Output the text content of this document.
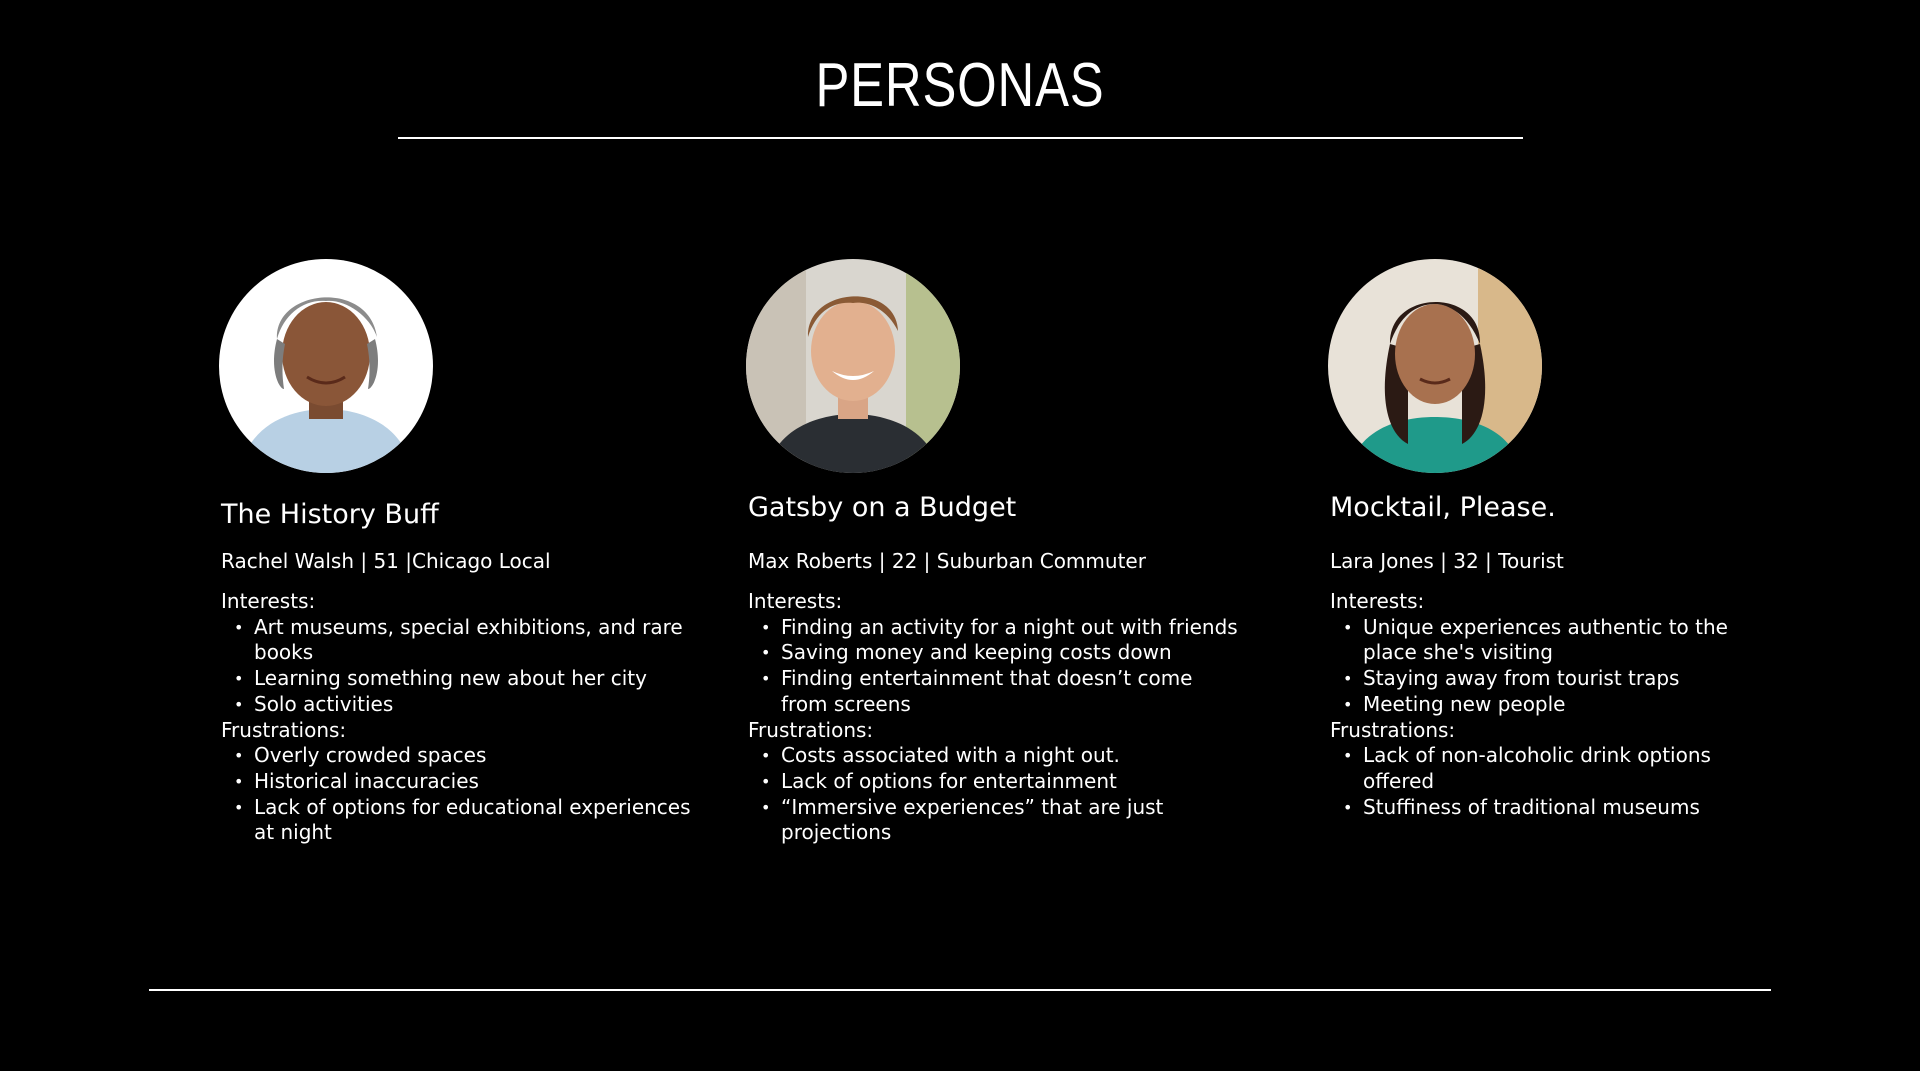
PERSONAS

The History Buff

Rachel Walsh | 51 |Chicago Local

Interests:

• Art museums, special exhibitions, and rare books
• Learning something new about her city
• Solo activities

Frustrations:

• Overly crowded spaces
• Historical inaccuracies
• Lack of options for educational experiences at night

Gatsby on a Budget

Max Roberts | 22 | Suburban Commuter

Interests:

• Finding an activity for a night out with friends
• Saving money and keeping costs down
• Finding entertainment that doesn’t come from screens

Frustrations:

• Costs associated with a night out.
• Lack of options for entertainment
• “Immersive experiences” that are just projections

Mocktail, Please.

Lara Jones | 32 | Tourist

Interests:

• Unique experiences authentic to the place she's visiting
• Staying away from tourist traps
• Meeting new people

Frustrations:

• Lack of non-alcoholic drink options offered
• Stuffiness of traditional museums
